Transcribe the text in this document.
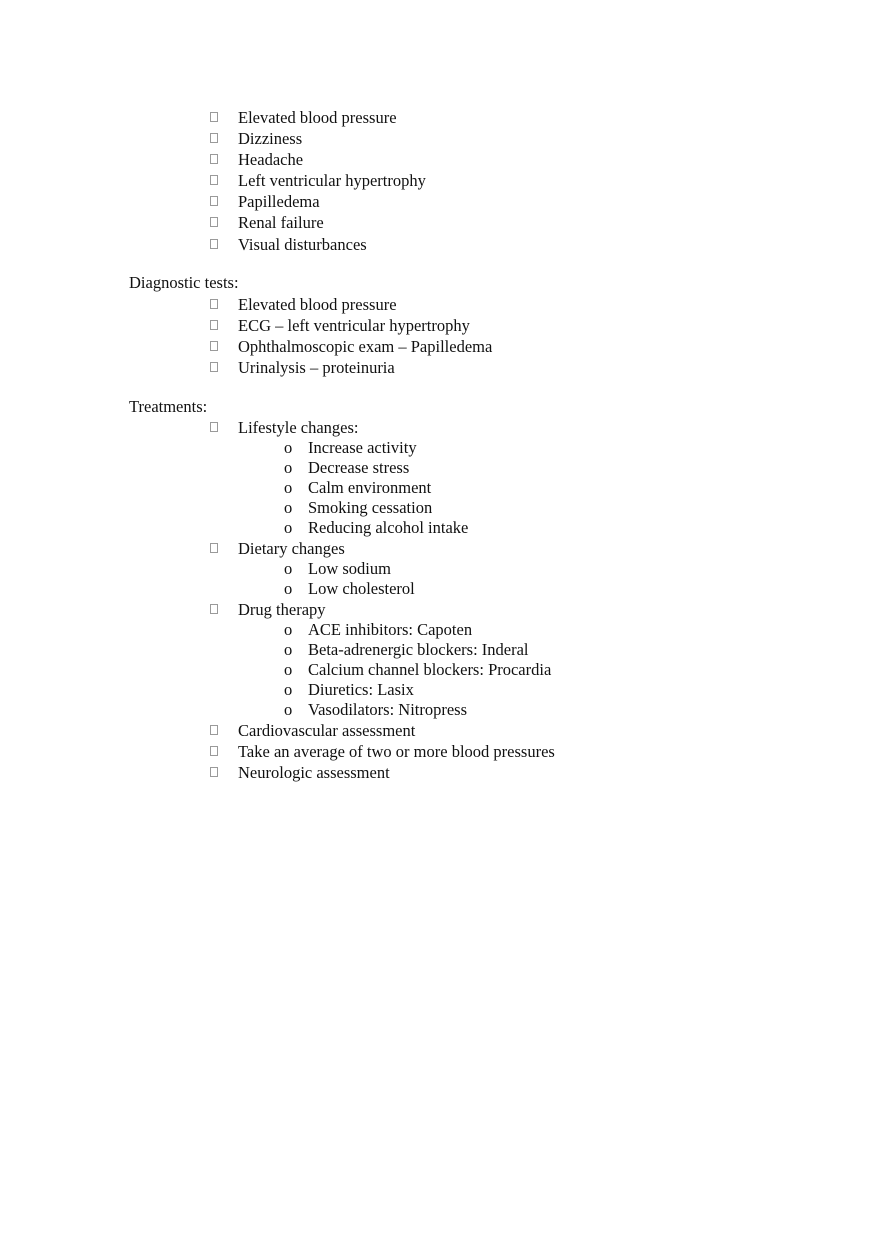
Elevated blood pressure
Dizziness
Headache
Left ventricular hypertrophy
Papilledema
Renal failure
Visual disturbances
Diagnostic tests:
Elevated blood pressure
ECG – left ventricular hypertrophy
Ophthalmoscopic exam – Papilledema
Urinalysis – proteinuria
Treatments:
Lifestyle changes:
o Increase activity
o Decrease stress
o Calm environment
o Smoking cessation
o Reducing alcohol intake
Dietary changes
o Low sodium
o Low cholesterol
Drug therapy
o ACE inhibitors: Capoten
o Beta-adrenergic blockers: Inderal
o Calcium channel blockers: Procardia
o Diuretics: Lasix
o Vasodilators: Nitropress
Cardiovascular assessment
Take an average of two or more blood pressures
Neurologic assessment
